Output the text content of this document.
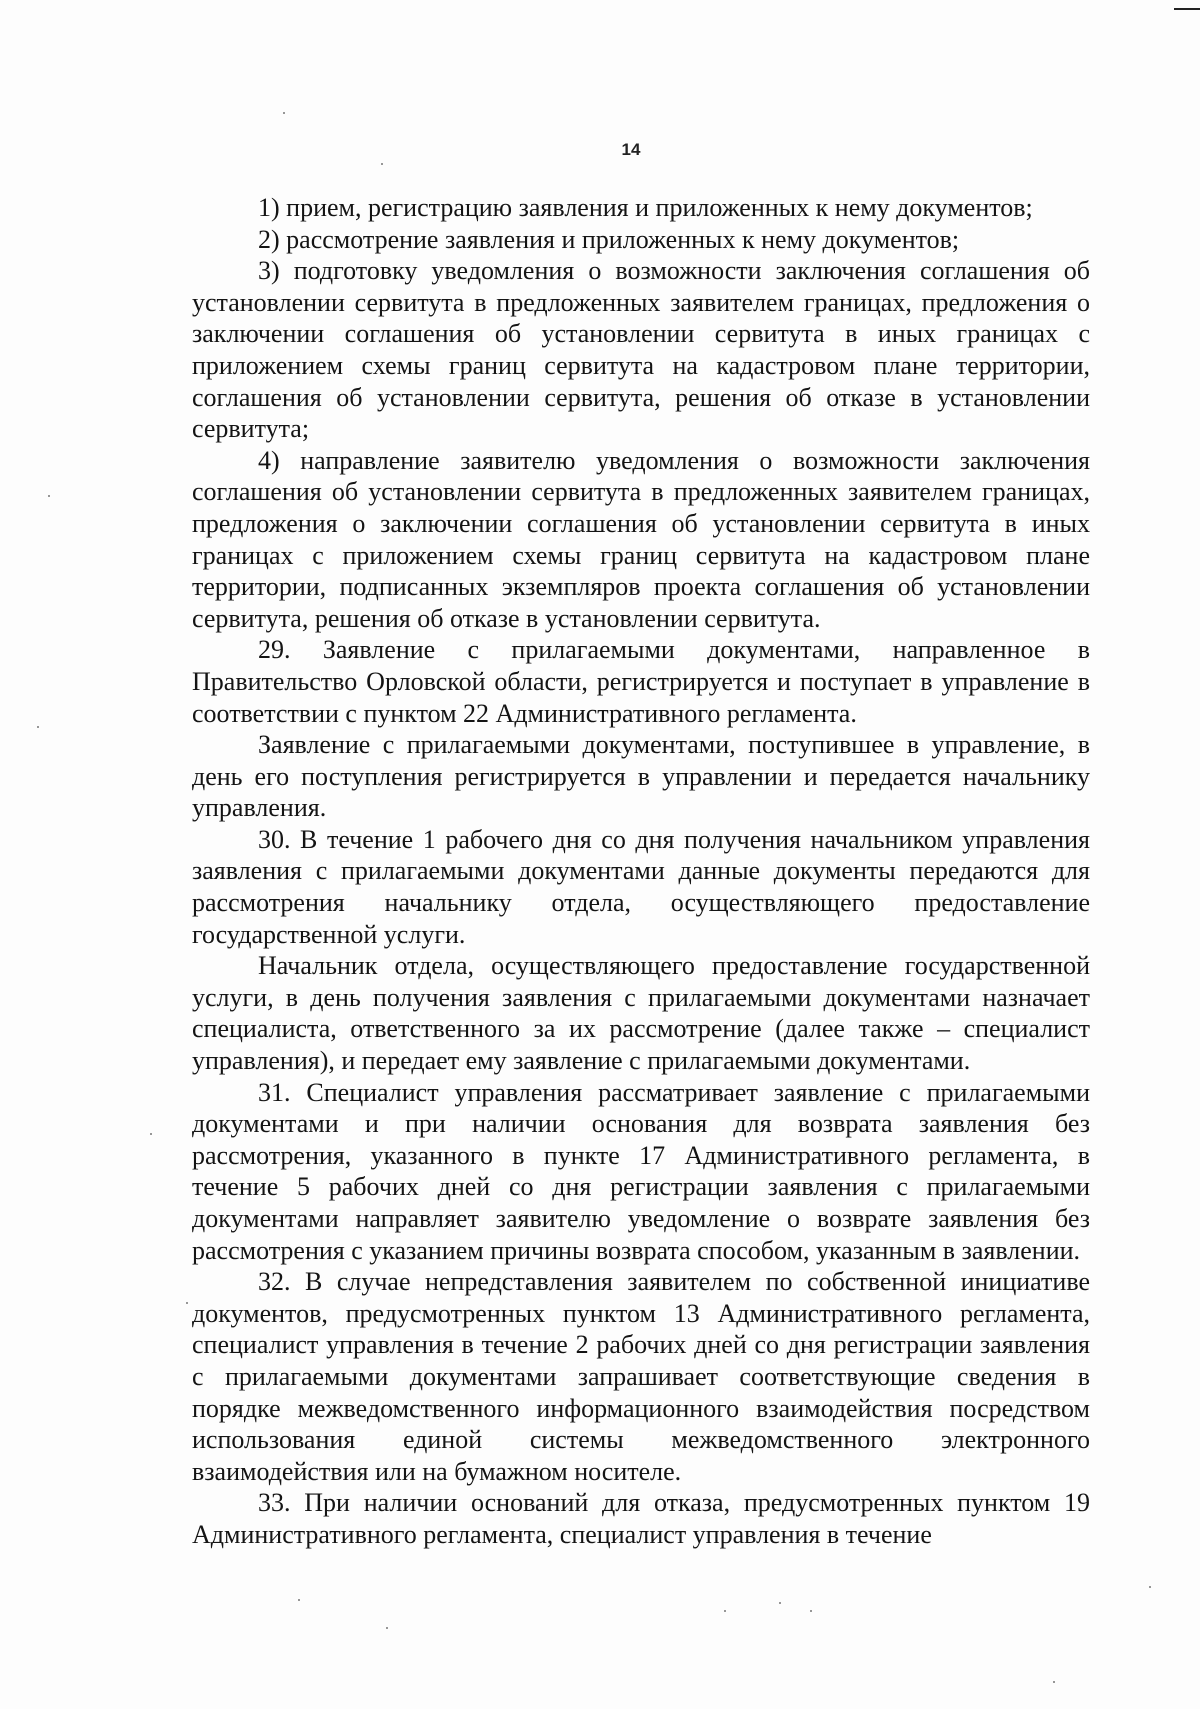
14

1) прием, регистрацию заявления и приложенных к нему документов;

2) рассмотрение заявления и приложенных к нему документов;

3) подготовку уведомления о возможности заключения соглашения об установлении сервитута в предложенных заявителем границах, предложения о заключении соглашения об установлении сервитута в иных границах с приложением схемы границ сервитута на кадастровом плане территории, соглашения об установлении сервитута, решения об отказе в установлении сервитута;

4) направление заявителю уведомления о возможности заключения соглашения об установлении сервитута в предложенных заявителем границах, предложения о заключении соглашения об установлении сервитута в иных границах с приложением схемы границ сервитута на кадастровом плане территории, подписанных экземпляров проекта соглашения об установлении сервитута, решения об отказе в установлении сервитута.

29. Заявление с прилагаемыми документами, направленное в Правительство Орловской области, регистрируется и поступает в управление в соответствии с пунктом 22 Административного регламента.

Заявление с прилагаемыми документами, поступившее в управление, в день его поступления регистрируется в управлении и передается начальнику управления.

30. В течение 1 рабочего дня со дня получения начальником управления заявления с прилагаемыми документами данные документы передаются для рассмотрения начальнику отдела, осуществляющего предоставление государственной услуги.

Начальник отдела, осуществляющего предоставление государственной услуги, в день получения заявления с прилагаемыми документами назначает специалиста, ответственного за их рассмотрение (далее также – специалист управления), и передает ему заявление с прилагаемыми документами.

31. Специалист управления рассматривает заявление с прилагаемыми документами и при наличии основания для возврата заявления без рассмотрения, указанного в пункте 17 Административного регламента, в течение 5 рабочих дней со дня регистрации заявления с прилагаемыми документами направляет заявителю уведомление о возврате заявления без рассмотрения с указанием причины возврата способом, указанным в заявлении.

32. В случае непредставления заявителем по собственной инициативе документов, предусмотренных пунктом 13 Административного регламента, специалист управления в течение 2 рабочих дней со дня регистрации заявления с прилагаемыми документами запрашивает соответствующие сведения в порядке межведомственного информационного взаимодействия посредством использования единой системы межведомственного электронного взаимодействия или на бумажном носителе.

33. При наличии оснований для отказа, предусмотренных пунктом 19 Административного регламента, специалист управления в течение
